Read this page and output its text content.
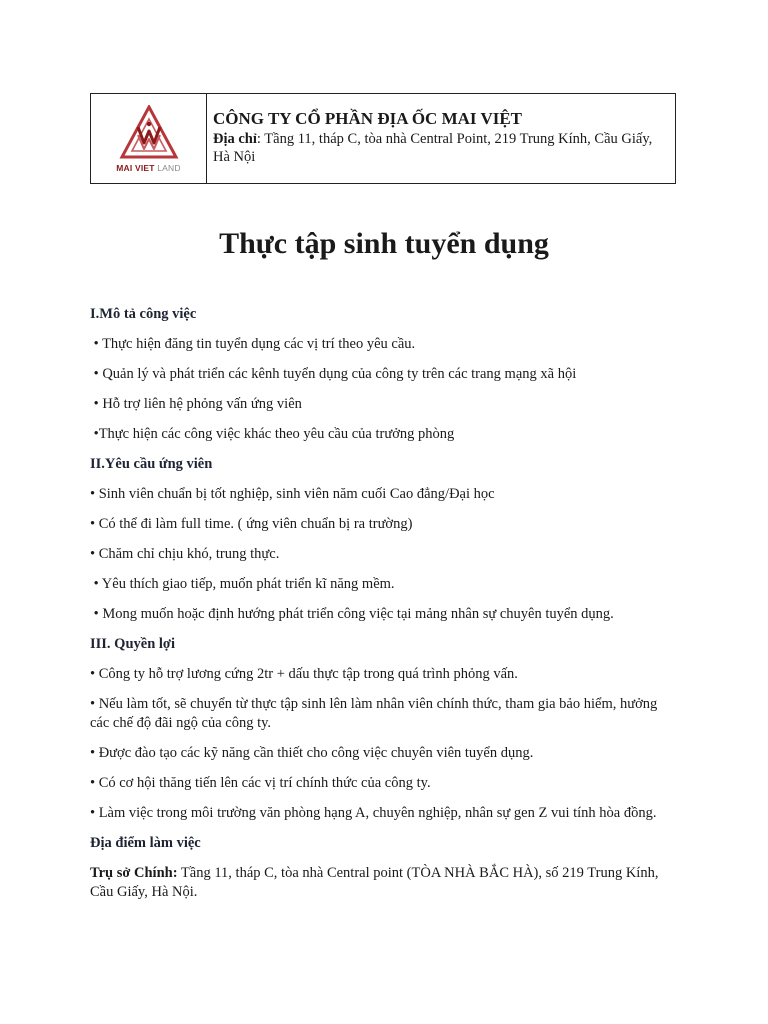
MAI VIET LAND

CÔNG TY CỔ PHẦN ĐỊA ỐC MAI VIỆT

Địa chỉ: Tầng 11, tháp C, tòa nhà Central Point, 219 Trung Kính, Cầu Giấy, Hà Nội

Thực tập sinh tuyển dụng

I.Mô tả công việc

• Thực hiện đăng tin tuyển dụng các vị trí theo yêu cầu.

• Quản lý và phát triển các kênh tuyển dụng của công ty trên các trang mạng xã hội

• Hỗ trợ liên hệ phỏng vấn ứng viên

•Thực hiện các công việc khác theo yêu cầu của trưởng phòng

II.Yêu cầu ứng viên

• Sinh viên chuẩn bị tốt nghiệp, sinh viên năm cuối Cao đẳng/Đại học

• Có thể đi làm full time. ( ứng viên chuẩn bị ra trường)

• Chăm chỉ chịu khó, trung thực.

• Yêu thích giao tiếp, muốn phát triển kĩ năng mềm.

• Mong muốn hoặc định hướng phát triển công việc tại mảng nhân sự chuyên tuyển dụng.

III. Quyền lợi

• Công ty hỗ trợ lương cứng 2tr + dấu thực tập trong quá trình phỏng vấn.

• Nếu làm tốt, sẽ chuyển từ thực tập sinh lên làm nhân viên chính thức, tham gia bảo hiểm, hưởng các chế độ đãi ngộ của công ty.

• Được đào tạo các kỹ năng cần thiết cho công việc chuyên viên tuyển dụng.

• Có cơ hội thăng tiến lên các vị trí chính thức của công ty.

• Làm việc trong môi trường văn phòng hạng A, chuyên nghiệp, nhân sự gen Z vui tính hòa đồng.

Địa điểm làm việc

Trụ sở Chính: Tầng 11, tháp C, tòa nhà Central point (TÒA NHÀ BẮC HÀ), số 219 Trung Kính, Cầu Giấy, Hà Nội.
